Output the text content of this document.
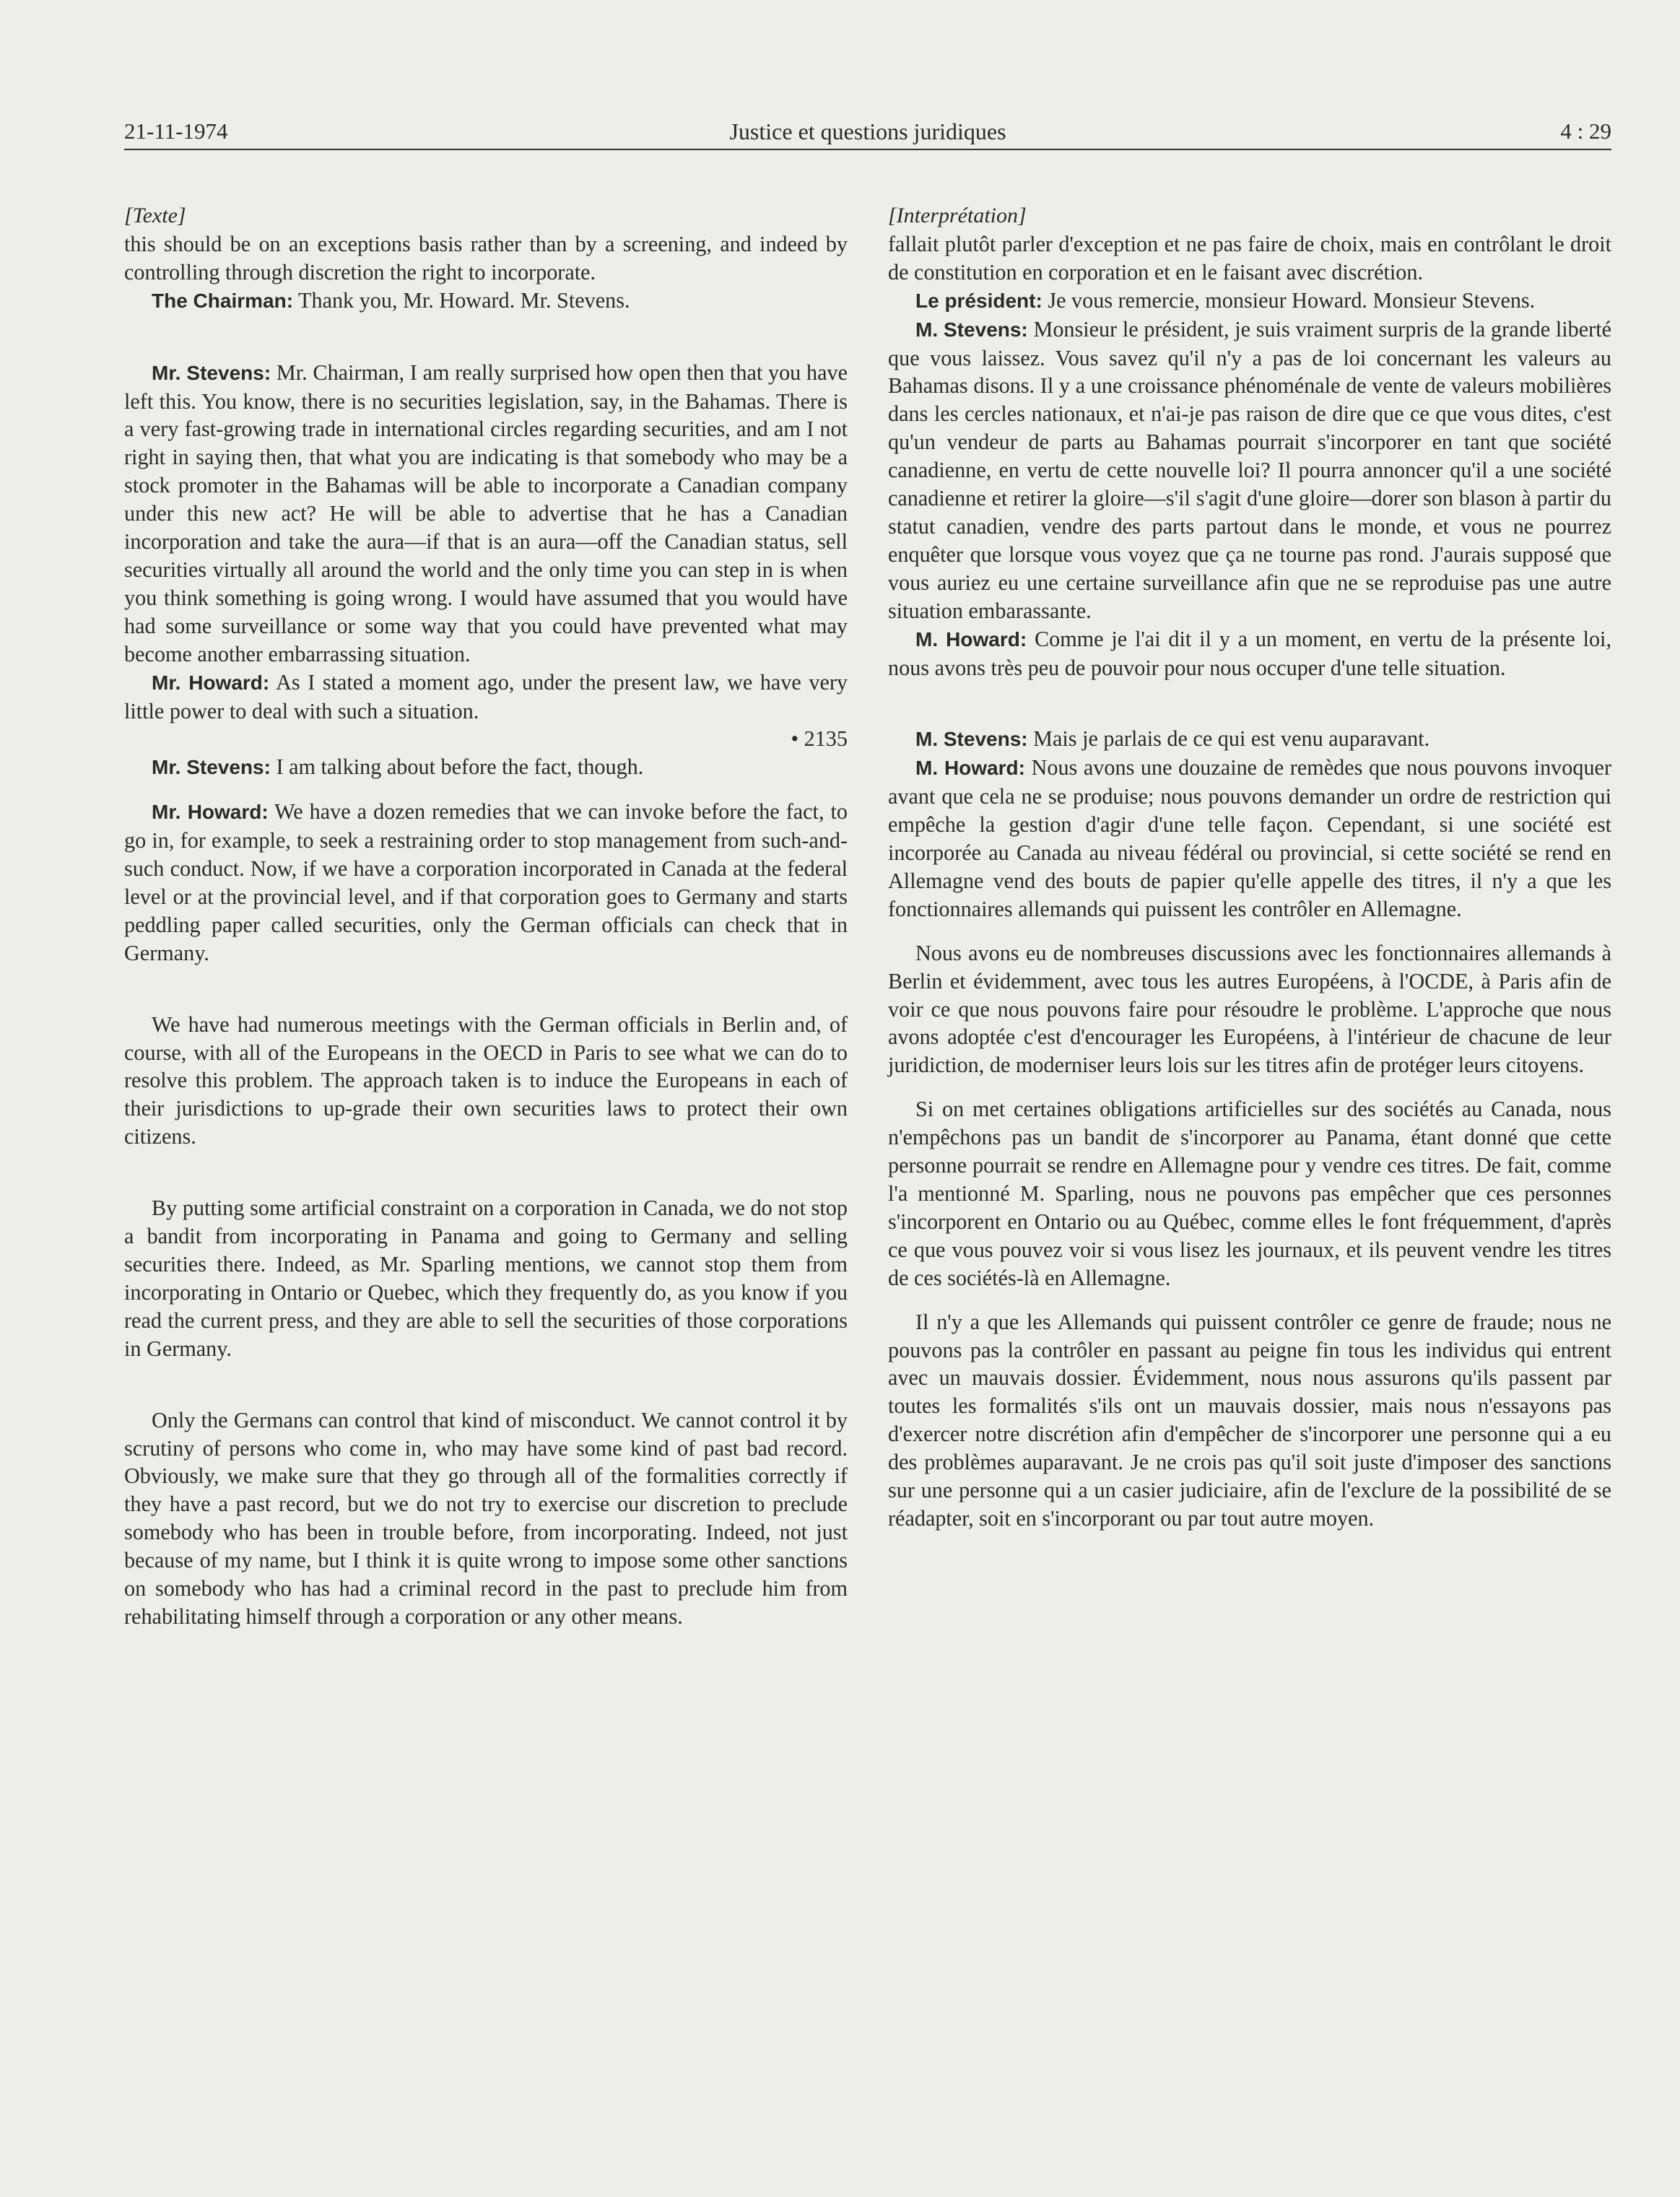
21-11-1974	Justice et questions juridiques	4 : 29

[Texte]

this should be on an exceptions basis rather than by a screening, and indeed by controlling through discretion the right to incorporate.

The Chairman: Thank you, Mr. Howard. Mr. Stevens.

Mr. Stevens: Mr. Chairman, I am really surprised how open then that you have left this. You know, there is no securities legislation, say, in the Bahamas. There is a very fast-growing trade in international circles regarding securities, and am I not right in saying then, that what you are indicating is that somebody who may be a stock promoter in the Bahamas will be able to incorporate a Canadian company under this new act? He will be able to advertise that he has a Canadian incorporation and take the aura—if that is an aura—off the Canadian status, sell securities virtually all around the world and the only time you can step in is when you think something is going wrong. I would have assumed that you would have had some surveillance or some way that you could have prevented what may become another embarrassing situation.

Mr. Howard: As I stated a moment ago, under the present law, we have very little power to deal with such a situation.

• 2135

Mr. Stevens: I am talking about before the fact, though.

Mr. Howard: We have a dozen remedies that we can invoke before the fact, to go in, for example, to seek a restraining order to stop management from such-and-such conduct. Now, if we have a corporation incorporated in Canada at the federal level or at the provincial level, and if that corporation goes to Germany and starts peddling paper called securities, only the German officials can check that in Germany.

We have had numerous meetings with the German officials in Berlin and, of course, with all of the Europeans in the OECD in Paris to see what we can do to resolve this problem. The approach taken is to induce the Europeans in each of their jurisdictions to up-grade their own securities laws to protect their own citizens.

By putting some artificial constraint on a corporation in Canada, we do not stop a bandit from incorporating in Panama and going to Germany and selling securities there. Indeed, as Mr. Sparling mentions, we cannot stop them from incorporating in Ontario or Quebec, which they frequently do, as you know if you read the current press, and they are able to sell the securities of those corporations in Germany.

Only the Germans can control that kind of misconduct. We cannot control it by scrutiny of persons who come in, who may have some kind of past bad record. Obviously, we make sure that they go through all of the formalities correctly if they have a past record, but we do not try to exercise our discretion to preclude somebody who has been in trouble before, from incorporating. Indeed, not just because of my name, but I think it is quite wrong to impose some other sanctions on somebody who has had a criminal record in the past to preclude him from rehabilitating himself through a corporation or any other means.

[Interprétation]

fallait plutôt parler d'exception et ne pas faire de choix, mais en contrôlant le droit de constitution en corporation et en le faisant avec discrétion.

Le président: Je vous remercie, monsieur Howard. Monsieur Stevens.

M. Stevens: Monsieur le président, je suis vraiment surpris de la grande liberté que vous laissez. Vous savez qu'il n'y a pas de loi concernant les valeurs au Bahamas disons. Il y a une croissance phénoménale de vente de valeurs mobilières dans les cercles nationaux, et n'ai-je pas raison de dire que ce que vous dites, c'est qu'un vendeur de parts au Bahamas pourrait s'incorporer en tant que société canadienne, en vertu de cette nouvelle loi? Il pourra annoncer qu'il a une société canadienne et retirer la gloire—s'il s'agit d'une gloire—dorer son blason à partir du statut canadien, vendre des parts partout dans le monde, et vous ne pourrez enquêter que lorsque vous voyez que ça ne tourne pas rond. J'aurais supposé que vous auriez eu une certaine surveillance afin que ne se reproduise pas une autre situation embarassante.

M. Howard: Comme je l'ai dit il y a un moment, en vertu de la présente loi, nous avons très peu de pouvoir pour nous occuper d'une telle situation.

M. Stevens: Mais je parlais de ce qui est venu auparavant.

M. Howard: Nous avons une douzaine de remèdes que nous pouvons invoquer avant que cela ne se produise; nous pouvons demander un ordre de restriction qui empêche la gestion d'agir d'une telle façon. Cependant, si une société est incorporée au Canada au niveau fédéral ou provincial, si cette société se rend en Allemagne vend des bouts de papier qu'elle appelle des titres, il n'y a que les fonctionnaires allemands qui puissent les contrôler en Allemagne.

Nous avons eu de nombreuses discussions avec les fonctionnaires allemands à Berlin et évidemment, avec tous les autres Européens, à l'OCDE, à Paris afin de voir ce que nous pouvons faire pour résoudre le problème. L'approche que nous avons adoptée c'est d'encourager les Européens, à l'intérieur de chacune de leur juridiction, de moderniser leurs lois sur les titres afin de protéger leurs citoyens.

Si on met certaines obligations artificielles sur des sociétés au Canada, nous n'empêchons pas un bandit de s'incorporer au Panama, étant donné que cette personne pourrait se rendre en Allemagne pour y vendre ces titres. De fait, comme l'a mentionné M. Sparling, nous ne pouvons pas empêcher que ces personnes s'incorporent en Ontario ou au Québec, comme elles le font fréquemment, d'après ce que vous pouvez voir si vous lisez les journaux, et ils peuvent vendre les titres de ces sociétés-là en Allemagne.

Il n'y a que les Allemands qui puissent contrôler ce genre de fraude; nous ne pouvons pas la contrôler en passant au peigne fin tous les individus qui entrent avec un mauvais dossier. Évidemment, nous nous assurons qu'ils passent par toutes les formalités s'ils ont un mauvais dossier, mais nous n'essayons pas d'exercer notre discrétion afin d'empêcher de s'incorporer une personne qui a eu des problèmes auparavant. Je ne crois pas qu'il soit juste d'imposer des sanctions sur une personne qui a un casier judiciaire, afin de l'exclure de la possibilité de se réadapter, soit en s'incorporant ou par tout autre moyen.
